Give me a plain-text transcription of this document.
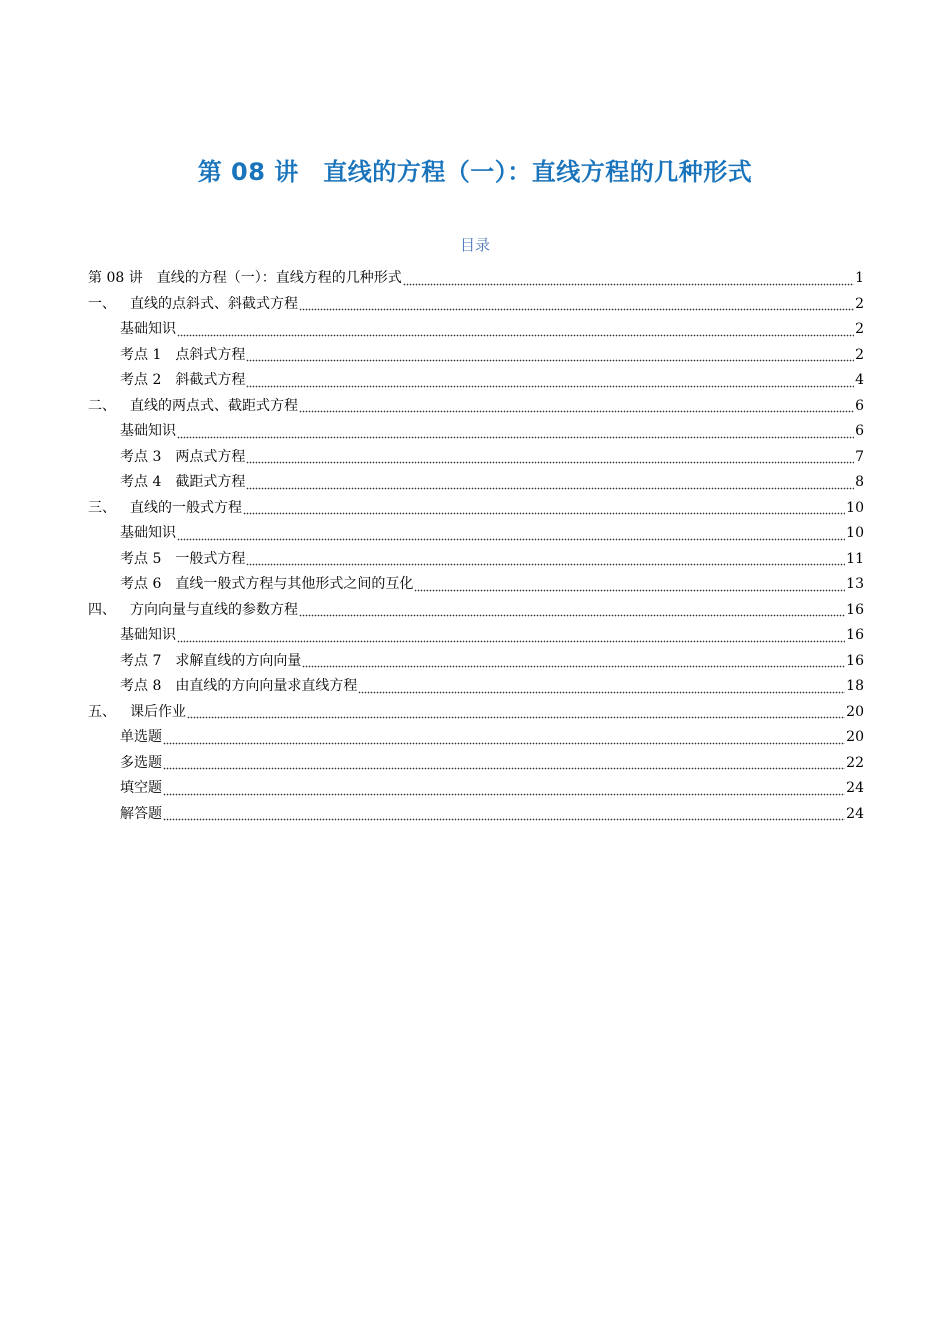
第 08 讲　直线的方程（一）：直线方程的几种形式
目录
第 08 讲　直线的方程（一）：直线方程的几种形式	1
一、 直线的点斜式、斜截式方程	2
基础知识	2
考点 1 点斜式方程	2
考点 2 斜截式方程	4
二、 直线的两点式、截距式方程	6
基础知识	6
考点 3 两点式方程	7
考点 4 截距式方程	8
三、 直线的一般式方程	10
基础知识	10
考点 5 一般式方程	11
考点 6 直线一般式方程与其他形式之间的互化	13
四、 方向向量与直线的参数方程	16
基础知识	16
考点 7 求解直线的方向向量	16
考点 8 由直线的方向向量求直线方程	18
五、 课后作业	20
单选题	20
多选题	22
填空题	24
解答题	24
